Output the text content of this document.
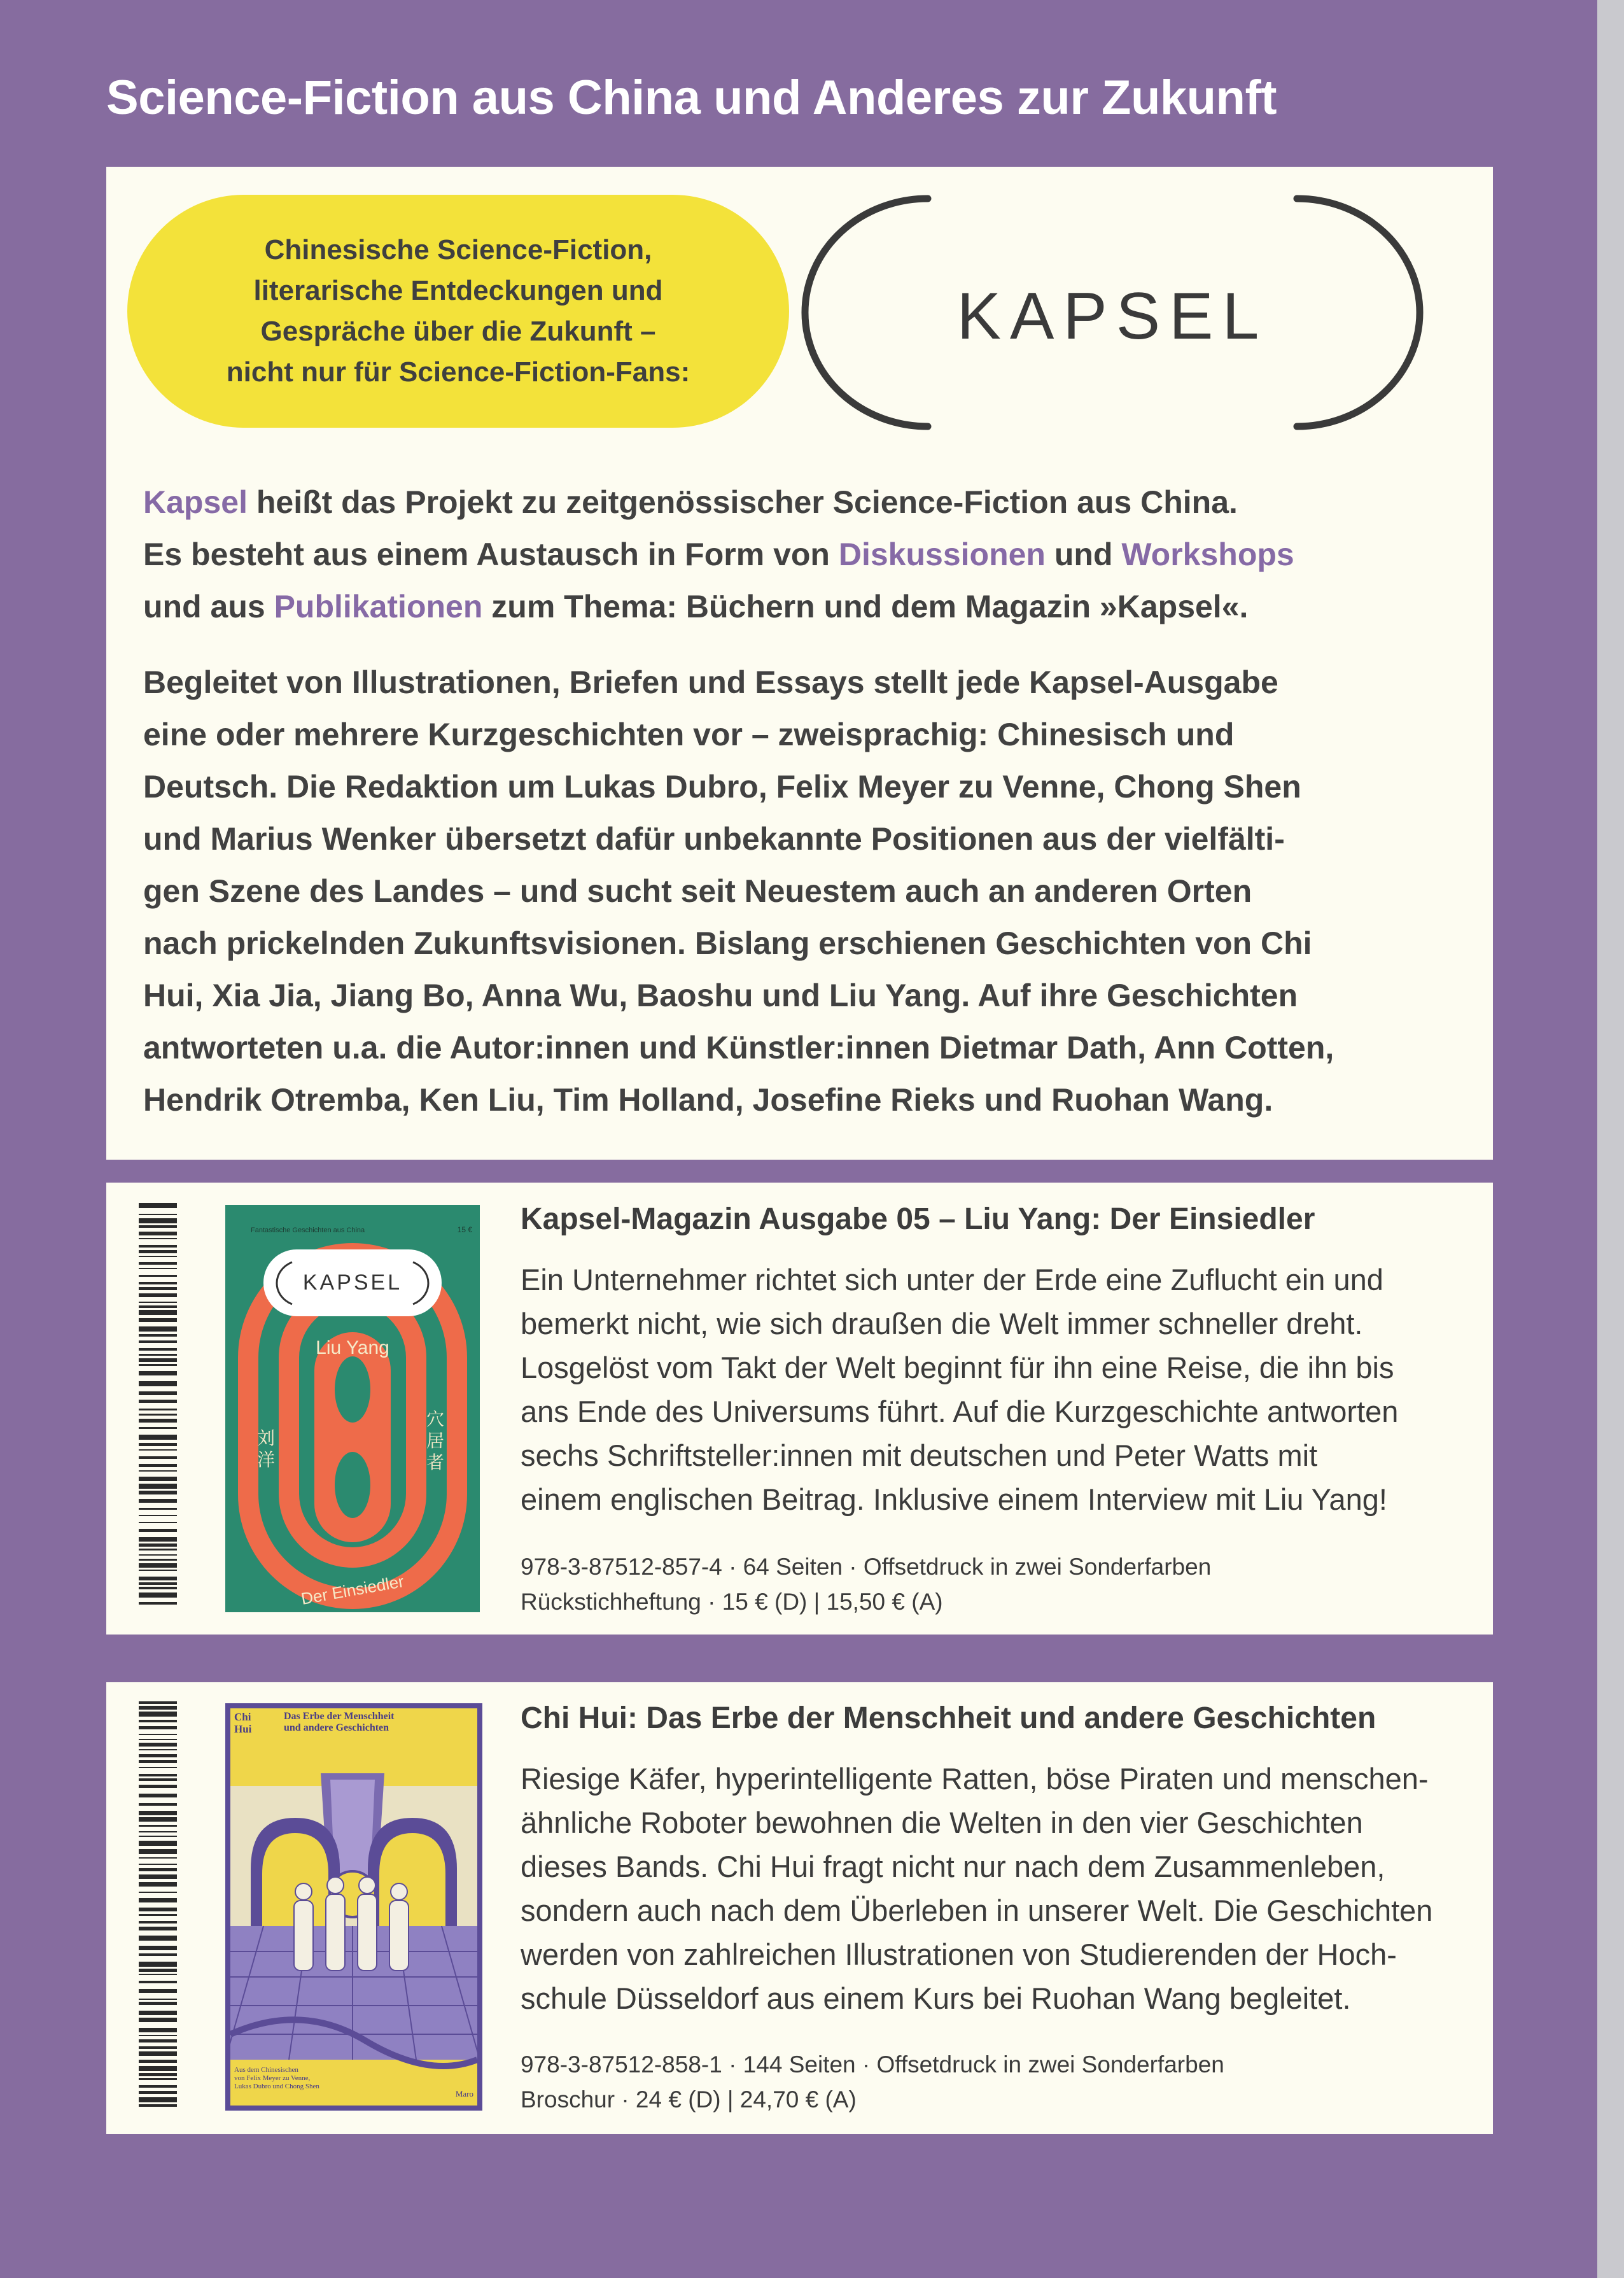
Science-Fiction aus China und Anderes zur Zukunft
Chinesische Science-Fiction,
literarische Entdeckungen und
Gespräche über die Zukunft –
nicht nur für Science-Fiction-Fans:
KAPSEL

Kapsel heißt das Projekt zu zeitgenössischer Science-Fiction aus China.
Es besteht aus einem Austausch in Form von Diskussionen und Workshops
und aus Publikationen zum Thema: Büchern und dem Magazin »Kapsel«.

Begleitet von Illustrationen, Briefen und Essays stellt jede Kapsel-Ausgabe
eine oder mehrere Kurzgeschichten vor – zweisprachig: Chinesisch und
Deutsch. Die Redaktion um Lukas Dubro, Felix Meyer zu Venne, Chong Shen
und Marius Wenker übersetzt dafür unbekannte Positionen aus der vielfälti-
gen Szene des Landes – und sucht seit Neuestem auch an anderen Orten
nach prickelnden Zukunftsvisionen. Bislang erschienen Geschichten von Chi
Hui, Xia Jia, Jiang Bo, Anna Wu, Baoshu und Liu Yang. Auf ihre Geschichten
antworteten u.a. die Autor:innen und Künstler:innen Dietmar Dath, Ann Cotten,
Hendrik Otremba, Ken Liu, Tim Holland, Josefine Rieks und Ruohan Wang.

Fantastische Geschichten aus China	15 €
KAPSEL
Liu Yang
Der Einsiedler
刘洋
穴居者
Kapsel-Magazin Ausgabe 05 – Liu Yang: Der Einsiedler

Ein Unternehmer richtet sich unter der Erde eine Zuflucht ein und
bemerkt nicht, wie sich draußen die Welt immer schneller dreht.
Losgelöst vom Takt der Welt beginnt für ihn eine Reise, die ihn bis
ans Ende des Universums führt. Auf die Kurzgeschichte antworten
sechs Schriftsteller:innen mit deutschen und Peter Watts mit
einem englischen Beitrag. Inklusive einem Interview mit Liu Yang!

978-3-87512-857-4 · 64 Seiten · Offsetdruck in zwei Sonderfarben
Rückstichheftung · 15 € (D) | 15,50 € (A)

Chi
Hui
Das Erbe der Menschheit
und andere Geschichten
Aus dem Chinesischen
von Felix Meyer zu Venne,
Lukas Dubro und Chong Shen
Maro
Chi Hui: Das Erbe der Menschheit und andere Geschichten

Riesige Käfer, hyperintelligente Ratten, böse Piraten und menschen-
ähnliche Roboter bewohnen die Welten in den vier Geschichten
dieses Bands. Chi Hui fragt nicht nur nach dem Zusammenleben,
sondern auch nach dem Überleben in unserer Welt. Die Geschichten
werden von zahlreichen Illustrationen von Studierenden der Hoch-
schule Düsseldorf aus einem Kurs bei Ruohan Wang begleitet.

978-3-87512-858-1 · 144 Seiten · Offsetdruck in zwei Sonderfarben
Broschur · 24 € (D) | 24,70 € (A)
